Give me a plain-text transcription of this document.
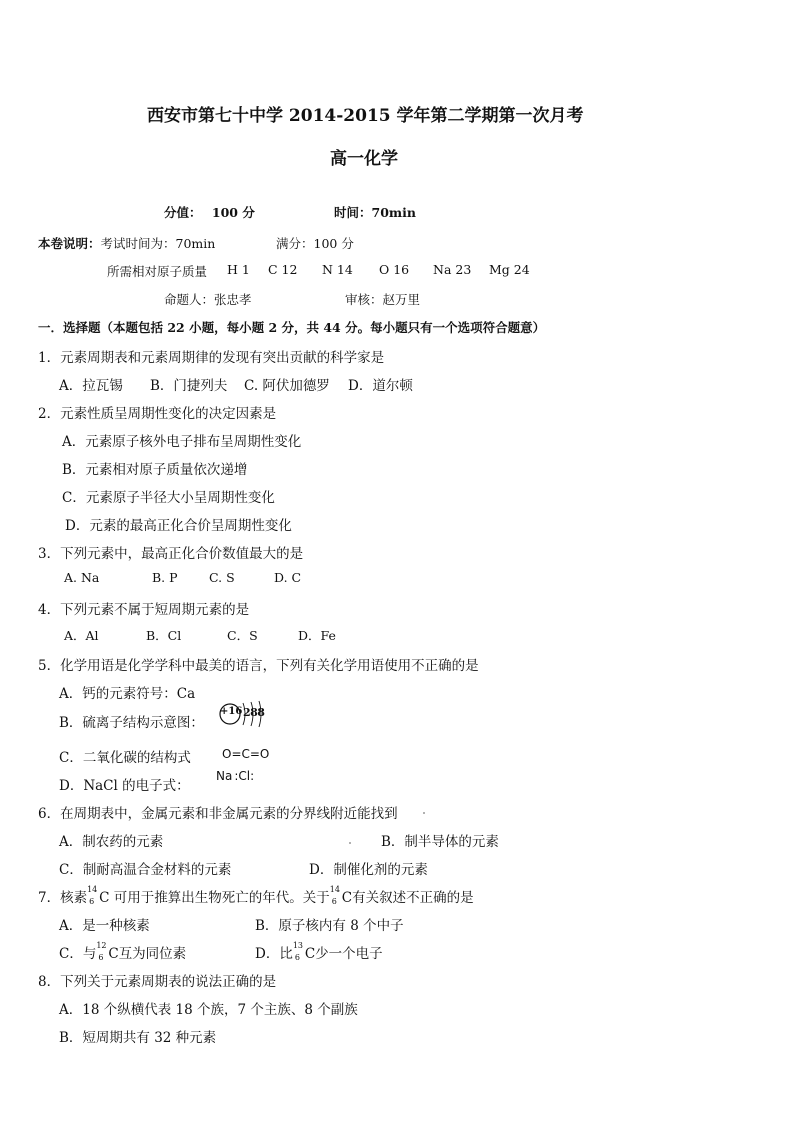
西安市第七十中学 2014-2015 学年第二学期第一次月考
高一化学
分值： 100 分	时间：70min
本卷说明：考试时间为：70min	满分：100 分
所需相对原子质量 H 1 C 12 N 14 O 16 Na 23 Mg 24
命题人：张忠孝	审核：赵万里
一．选择题（本题包括 22 小题，每小题 2 分，共 44 分。每小题只有一个选项符合题意）
1．元素周期表和元素周期律的发现有突出贡献的科学家是
A．拉瓦锡 B．门捷列夫 C. 阿伏加德罗 D．道尔顿
2．元素性质呈周期性变化的决定因素是
A．元素原子核外电子排布呈周期性变化
B．元素相对原子质量依次递增
C．元素原子半径大小呈周期性变化
D．元素的最高正化合价呈周期性变化
3．下列元素中，最高正化合价数值最大的是
A. Na	B. P	C. S	D. C
4．下列元素不属于短周期元素的是
A．Al	B．Cl	C．S	D．Fe
5．化学用语是化学学科中最美的语言，下列有关化学用语使用不正确的是
A．钙的元素符号：Ca
B．硫离子结构示意图：
+16 288
C．二氧化碳的结构式	O=C=O
D．NaCl 的电子式：
Na :Cl:
6．在周期表中，金属元素和非金属元素的分界线附近能找到
A．制农药的元素	B．制半导体的元素
C．制耐高温合金材料的元素	D．制催化剂的元素
7．核素
14
6 C 可用于推算出生物死亡的年代。关于
14
6 C有关叙述不正确的是
A．是一种核素	B．原子核内有 8 个中子
C．与
12
6 C互为同位素	D．比
13
6 C少一个电子
8．下列关于元素周期表的说法正确的是
A．18 个纵横代表 18 个族，7 个主族、8 个副族
B．短周期共有 32 种元素
